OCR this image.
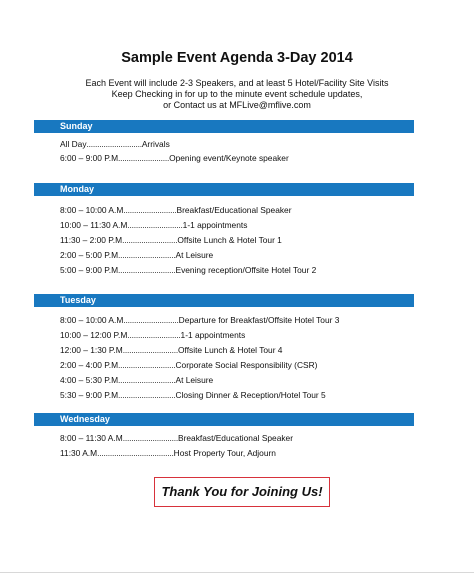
Sample Event Agenda 3-Day 2014
Each Event will include 2-3 Speakers, and at least 5 Hotel/Facility Site Visits
Keep Checking in for up to the minute event schedule updates,
or Contact us at MFLive@mflive.com
Sunday
All Day..........................Arrivals
6:00 – 9:00 P.M........................Opening event/Keynote speaker
Monday
8:00 – 10:00 A.M.........................Breakfast/Educational Speaker
10:00 – 11:30 A.M..........................1-1 appointments
11:30 – 2:00 P.M..........................Offsite Lunch & Hotel Tour 1
2:00 – 5:00 P.M...........................At Leisure
5:00 – 9:00 P.M...........................Evening reception/Offsite Hotel Tour 2
Tuesday
8:00 – 10:00 A.M..........................Departure for Breakfast/Offsite Hotel Tour 3
10:00 – 12:00 P.M.........................1-1 appointments
12:00 – 1:30 P.M..........................Offsite Lunch & Hotel Tour 4
2:00 – 4:00 P.M...........................Corporate Social Responsibility (CSR)
4:00 – 5:30 P.M...........................At Leisure
5:30 – 9:00 P.M...........................Closing Dinner & Reception/Hotel Tour 5
Wednesday
8:00 – 11:30 A.M..........................Breakfast/Educational Speaker
11:30 A.M....................................Host Property Tour, Adjourn
Thank You for Joining Us!
